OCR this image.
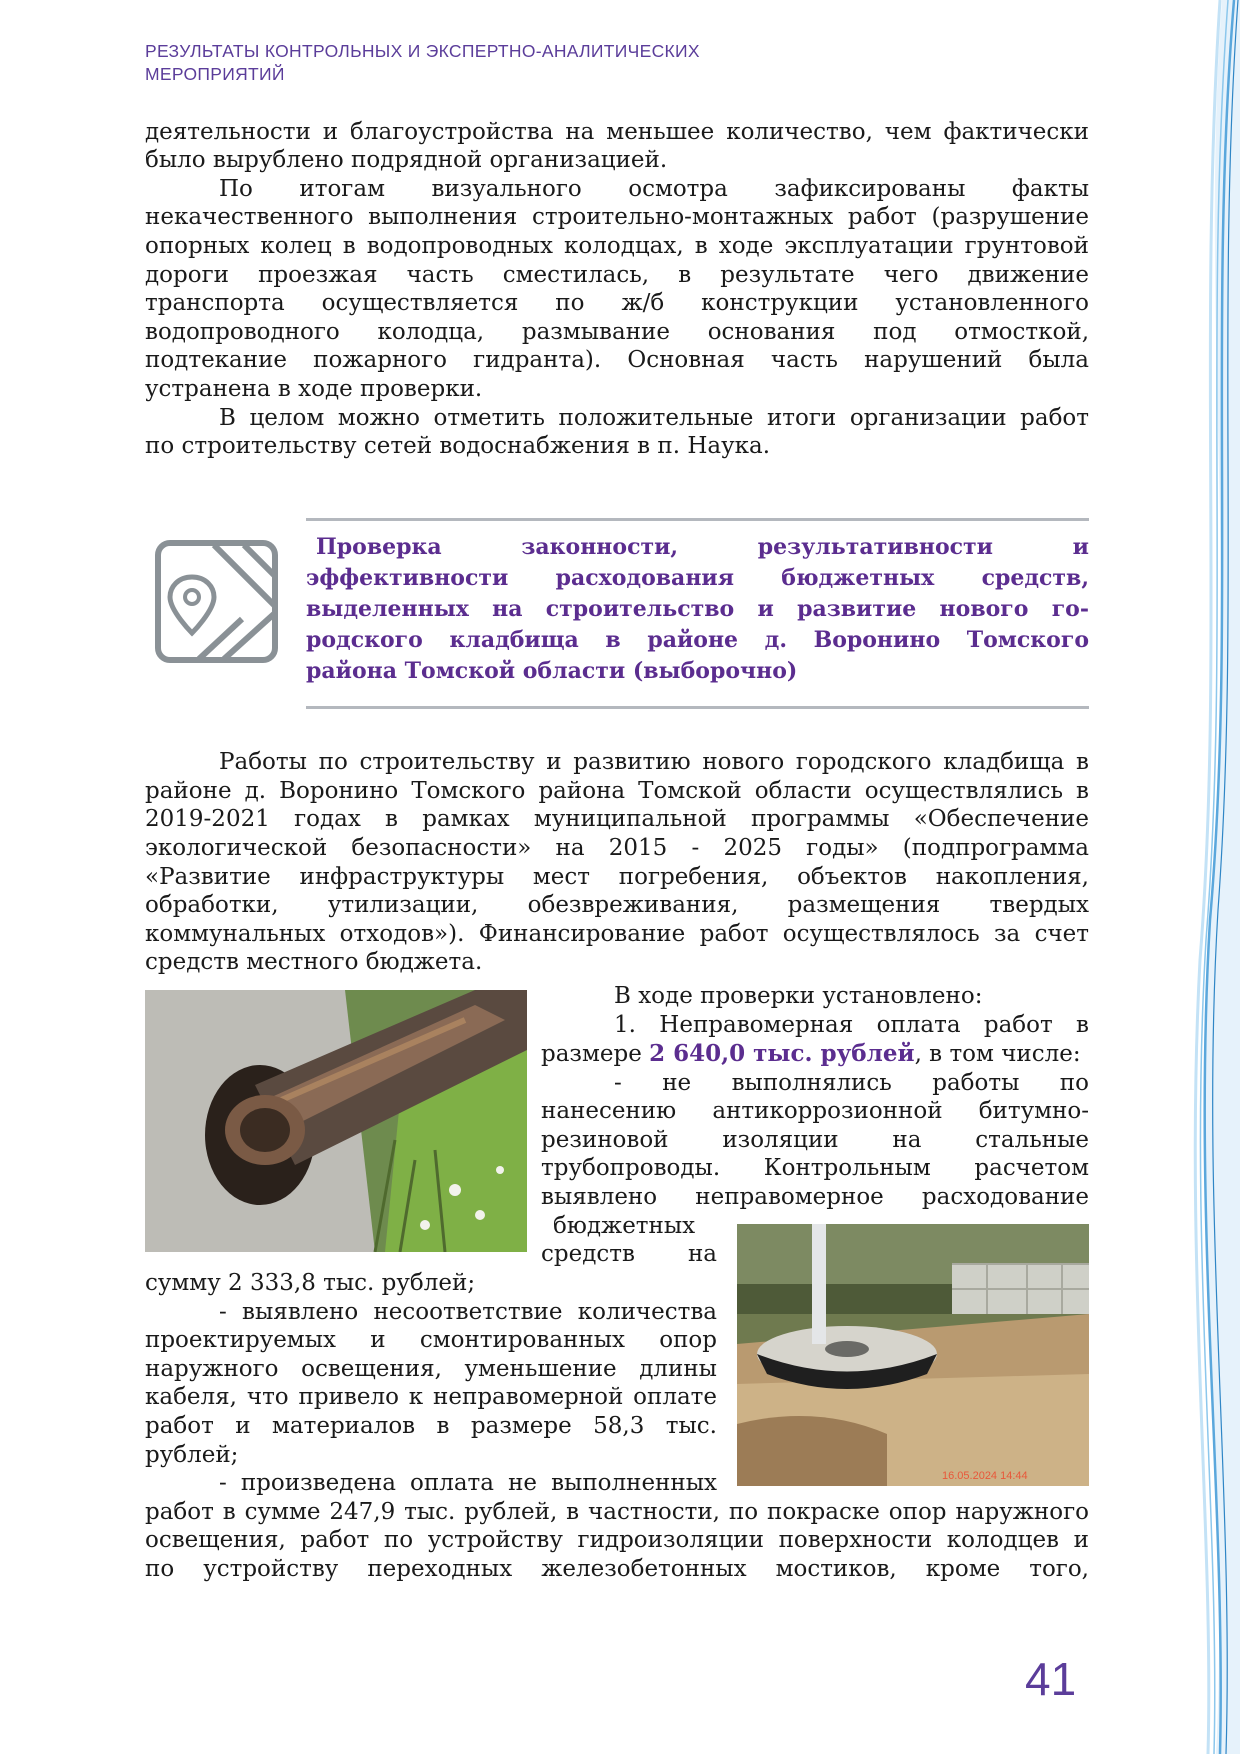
РЕЗУЛЬТАТЫ КОНТРОЛЬНЫХ И ЭКСПЕРТНО-АНАЛИТИЧЕСКИХ
МЕРОПРИЯТИЙ
деятельности и благоустройства на меньшее количество, чем фактически
было вырублено подрядной организацией.
По итогам визуального осмотра зафиксированы факты
некачественного выполнения строительно-монтажных работ (разрушение
опорных колец в водопроводных колодцах, в ходе эксплуатации грунтовой
дороги проезжая часть сместилась, в результате чего движение
транспорта осуществляется по ж/б конструкции установленного
водопроводного колодца, размывание основания под отмосткой,
подтекание пожарного гидранта). Основная часть нарушений была
устранена в ходе проверки.
В целом можно отметить положительные итоги организации работ
по строительству сетей водоснабжения в п. Наука.
Проверка законности, результативности и
эффективности расходования бюджетных средств,
выделенных на строительство и развитие нового го-
родского кладбища в районе д. Воронино Томского
района Томской области (выборочно)
Работы по строительству и развитию нового городского кладбища в
районе д. Воронино Томского района Томской области осуществлялись в
2019-2021 годах в рамках муниципальной программы «Обеспечение
экологической безопасности» на 2015 - 2025 годы» (подпрограмма
«Развитие инфраструктуры мест погребения, объектов накопления,
обработки, утилизации, обезвреживания, размещения твердых
коммунальных отходов»). Финансирование работ осуществлялось за счет
средств местного бюджета.
16.05.2024 14:44
В ходе проверки установлено:
1. Неправомерная оплата работ в
размере 2 640,0 тыс. рублей, в том числе:
- не выполнялись работы по
нанесению антикоррозионной битумно-
резиновой изоляции на стальные
трубопроводы. Контрольным расчетом
выявлено неправомерное расходование
бюджетных
средств на
сумму 2 333,8 тыс. рублей;
- выявлено несоответствие количества
проектируемых и смонтированных опор
наружного освещения, уменьшение длины
кабеля, что привело к неправомерной оплате
работ и материалов в размере 58,3 тыс.
рублей;
- произведена оплата не выполненных
работ в сумме 247,9 тыс. рублей, в частности, по покраске опор наружного
освещения, работ по устройству гидроизоляции поверхности колодцев и
по устройству переходных железобетонных мостиков, кроме того,
41
